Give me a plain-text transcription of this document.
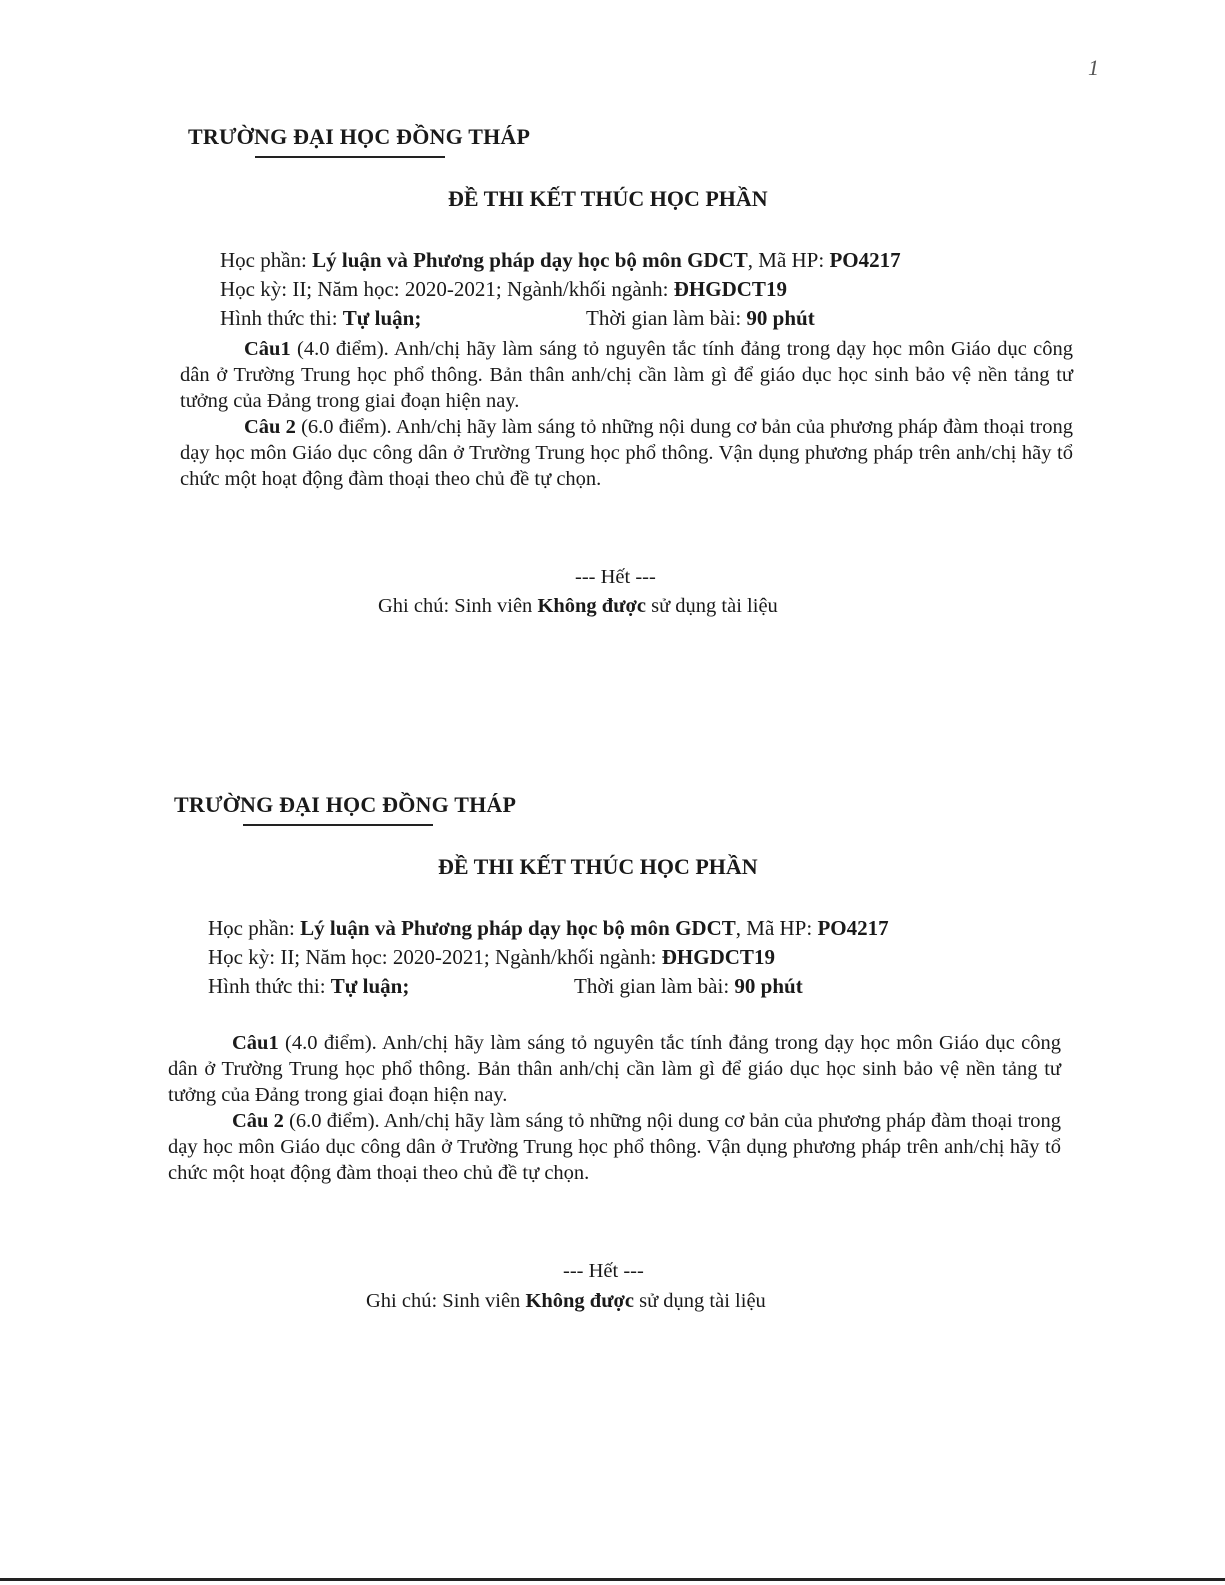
1
TRƯỜNG ĐẠI HỌC ĐỒNG THÁP
ĐỀ THI KẾT THÚC HỌC PHẦN
Học phần: Lý luận và Phương pháp dạy học bộ môn GDCT, Mã HP: PO4217
Học kỳ: II; Năm học: 2020-2021; Ngành/khối ngành: ĐHGDCT19
Hình thức thi: Tự luận;	Thời gian làm bài: 90 phút

Câu1 (4.0 điểm). Anh/chị hãy làm sáng tỏ nguyên tắc tính đảng trong dạy học môn Giáo dục công dân ở Trường Trung học phổ thông. Bản thân anh/chị cần làm gì để giáo dục học sinh bảo vệ nền tảng tư tưởng của Đảng trong giai đoạn hiện nay.

Câu 2 (6.0 điểm). Anh/chị hãy làm sáng tỏ những nội dung cơ bản của phương pháp đàm thoại trong dạy học môn Giáo dục công dân ở Trường Trung học phổ thông. Vận dụng phương pháp trên anh/chị hãy tổ chức một hoạt động đàm thoại theo chủ đề tự chọn.

--- Hết ---
Ghi chú: Sinh viên Không được sử dụng tài liệu
TRƯỜNG ĐẠI HỌC ĐỒNG THÁP
ĐỀ THI KẾT THÚC HỌC PHẦN
Học phần: Lý luận và Phương pháp dạy học bộ môn GDCT, Mã HP: PO4217
Học kỳ: II; Năm học: 2020-2021; Ngành/khối ngành: ĐHGDCT19
Hình thức thi: Tự luận;	Thời gian làm bài: 90 phút

Câu1 (4.0 điểm). Anh/chị hãy làm sáng tỏ nguyên tắc tính đảng trong dạy học môn Giáo dục công dân ở Trường Trung học phổ thông. Bản thân anh/chị cần làm gì để giáo dục học sinh bảo vệ nền tảng tư tưởng của Đảng trong giai đoạn hiện nay.

Câu 2 (6.0 điểm). Anh/chị hãy làm sáng tỏ những nội dung cơ bản của phương pháp đàm thoại trong dạy học môn Giáo dục công dân ở Trường Trung học phổ thông. Vận dụng phương pháp trên anh/chị hãy tổ chức một hoạt động đàm thoại theo chủ đề tự chọn.

--- Hết ---
Ghi chú: Sinh viên Không được sử dụng tài liệu
